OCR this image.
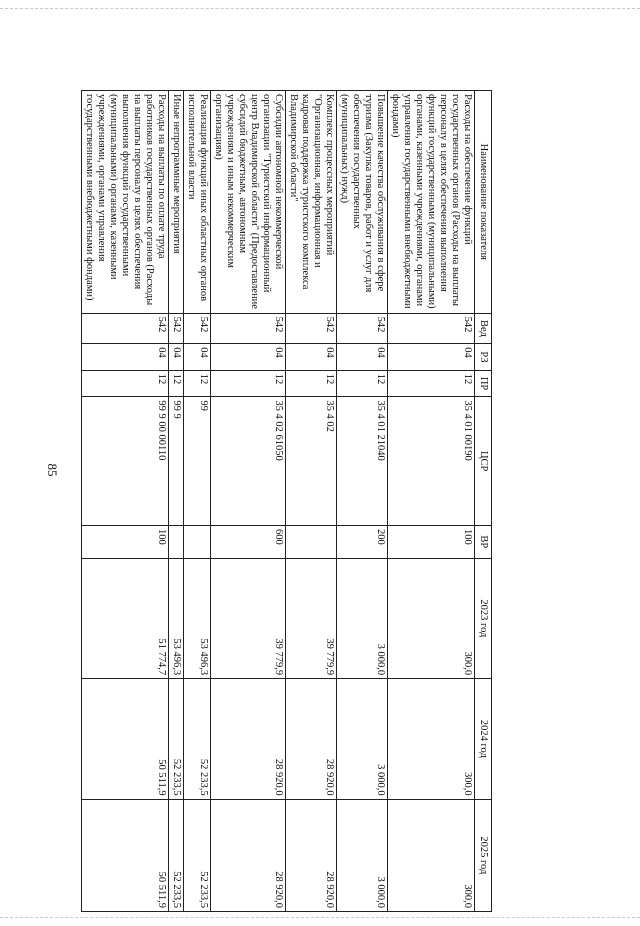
85
Наименование показателя	Вед	РЗ	ПР	ЦСР	ВР	2023 год	2024 год	2025 год
Расходы на обеспечение функций государственных органов (Расходы на выплаты персоналу в целях обеспечения выполнения функций государственными (муниципальными) органами, казенными учреждениями, органами управления государственными внебюджетными фондами)	542	04	12	35 4 01 00190	100	300,0	300,0	300,0
Повышение качества обслуживания в сфере туризма (Закупка товаров, работ и услуг для обеспечения государственных (муниципальных) нужд)	542	04	12	35 4 01 21040	200	3 000,0	3 000,0	3 000,0
Комплекс процессных мероприятий "Организационная, информационная и кадровая поддержка туристского комплекса Владимирской области"	542	04	12	35 4 02		39 779,9	28 920,0	28 920,0
Субсидии автономной некоммерческой организации "Туристский информационный центр Владимирской области" (Предоставление субсидий бюджетным, автономным учреждениям и иным некоммерческим организациям)	542	04	12	35 4 02 61050	600	39 779,9	28 920,0	28 920,0
Реализация функций иных областных органов исполнительной власти	542	04	12	99		53 496,3	52 233,5	52 233,5
Иные непрограммные мероприятия	542	04	12	99 9		53 496,3	52 233,5	52 233,5
Расходы на выплаты по оплате труда работников государственных органов (Расходы на выплаты персоналу в целях обеспечения выполнения функций государственными (муниципальными) органами, казенными учреждениями, органами управления государственными внебюджетными фондами)	542	04	12	99 9 00 00110	100	51 774,7	50 511,9	50 511,9
